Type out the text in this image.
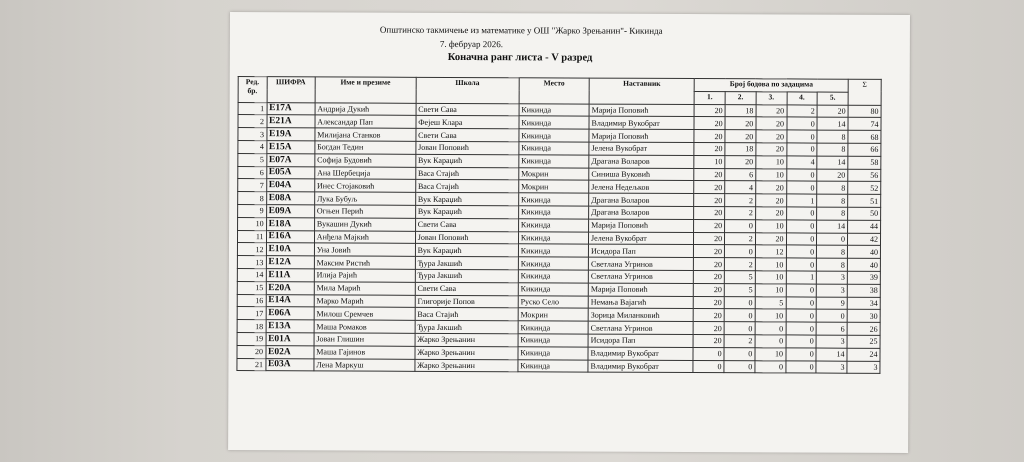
Општинско такмичење из математике у ОШ "Жарко Зрењанин"- Кикинда
7. фебруар 2026.
Коначна ранг листа - V разред
Ред. бр.	ШИФРА	Име и презиме	Школа	Место	Наставник	Број бодова по задацима					Σ
						1.	2.	3.	4.	5.	
1	E17A	Андрија Дукић	Свети Сава	Кикинда	Марија Поповић	20	18	20	2	20	80
2	E21A	Александар Пап	Фејеш Клара	Кикинда	Владимир Вукобрат	20	20	20	0	14	74
3	E19A	Милијана Станков	Свети Сава	Кикинда	Марија Поповић	20	20	20	0	8	68
4	E15A	Богдан Тедин	Јован Поповић	Кикинда	Јелена Вукобрат	20	18	20	0	8	66
5	E07A	Софија Будовић	Вук Караџић	Кикинда	Драгана Воларов	10	20	10	4	14	58
6	E05A	Ана Шербеција	Васа Стајић	Мокрин	Синиша Вуковић	20	6	10	0	20	56
7	E04A	Инес Стојаковић	Васа Стајић	Мокрин	Јелена Недељков	20	4	20	0	8	52
8	E08A	Лука Бубуљ	Вук Караџић	Кикинда	Драгана Воларов	20	2	20	1	8	51
9	E09A	Огњен Перић	Вук Караџић	Кикинда	Драгана Воларов	20	2	20	0	8	50
10	E18A	Вукашин Дукић	Свети Сава	Кикинда	Марија Поповић	20	0	10	0	14	44
11	E16A	Анђела Мајкић	Јован Поповић	Кикинда	Јелена Вукобрат	20	2	20	0	0	42
12	E10A	Уна Јовић	Вук Караџић	Кикинда	Исидора Пап	20	0	12	0	8	40
13	E12A	Максим Ристић	Ђура Јакшић	Кикинда	Светлана Угринов	20	2	10	0	8	40
14	E11A	Илија Рајић	Ђура Јакшић	Кикинда	Светлана Угринов	20	5	10	1	3	39
15	E20A	Мила Марић	Свети Сава	Кикинда	Марија Поповић	20	5	10	0	3	38
16	E14A	Марко Марић	Глигорије Попов	Руско Село	Немања Вајагић	20	0	5	0	9	34
17	E06A	Милош Сремчев	Васа Стајић	Мокрин	Зорица Миланковић	20	0	10	0	0	30
18	E13A	Маша Ромаков	Ђура Јакшић	Кикинда	Светлана Угринов	20	0	0	0	6	26
19	E01A	Јован Глишин	Жарко Зрењанин	Кикинда	Исидора Пап	20	2	0	0	3	25
20	E02A	Маша Гајинов	Жарко Зрењанин	Кикинда	Владимир Вукобрат	0	0	10	0	14	24
21	E03A	Лена Маркуш	Жарко Зрењанин	Кикинда	Владимир Вукобрат	0	0	0	0	3	3
